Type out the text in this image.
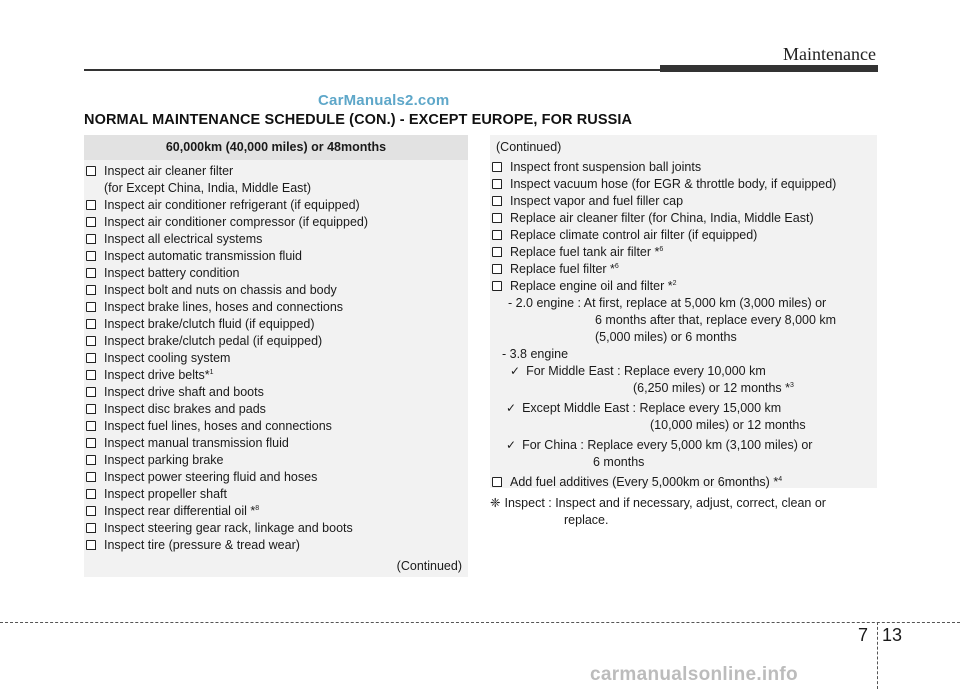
Maintenance
CarManuals2.com
NORMAL MAINTENANCE SCHEDULE (CON.) - EXCEPT EUROPE, FOR RUSSIA
60,000km (40,000 miles) or 48months
Inspect air cleaner filter
(for Except China, India, Middle East)
Inspect air conditioner refrigerant (if equipped)
Inspect air conditioner compressor (if equipped)
Inspect all electrical systems
Inspect automatic transmission fluid
Inspect battery condition
Inspect bolt and nuts on chassis and body
Inspect brake lines, hoses and connections
Inspect brake/clutch fluid (if equipped)
Inspect brake/clutch pedal (if equipped)
Inspect cooling system
Inspect drive belts*$^1$
Inspect drive shaft and boots
Inspect disc brakes and pads
Inspect fuel lines, hoses and connections
Inspect manual transmission fluid
Inspect parking brake
Inspect power steering fluid and hoses
Inspect propeller shaft
Inspect rear differential oil *$^8$
Inspect steering gear rack, linkage and boots
Inspect tire (pressure & tread wear)
(Continued)
(Continued)
Inspect front suspension ball joints
Inspect vacuum hose (for EGR & throttle body, if equipped)
Inspect vapor and fuel filler cap
Replace air cleaner filter (for China, India, Middle East)
Replace climate control air filter (if equipped)
Replace fuel tank air filter *$^6$
Replace fuel filter *$^6$
Replace engine oil and filter *$^2$
- 2.0 engine : At first, replace at 5,000 km (3,000 miles) or
6 months after that, replace every 8,000 km
(5,000 miles) or 6 months
- 3.8 engine
✓ For Middle East : Replace every 10,000 km
(6,250 miles) or 12 months *$^3$
✓ Except Middle East : Replace every 15,000 km
(10,000 miles) or 12 months
✓ For China : Replace every 5,000 km (3,100 miles) or
6 months
Add fuel additives (Every 5,000km or 6months) *$^4$
❈ Inspect : Inspect and if necessary, adjust, correct, clean or
replace.
7 13
carmanualsonline.info
